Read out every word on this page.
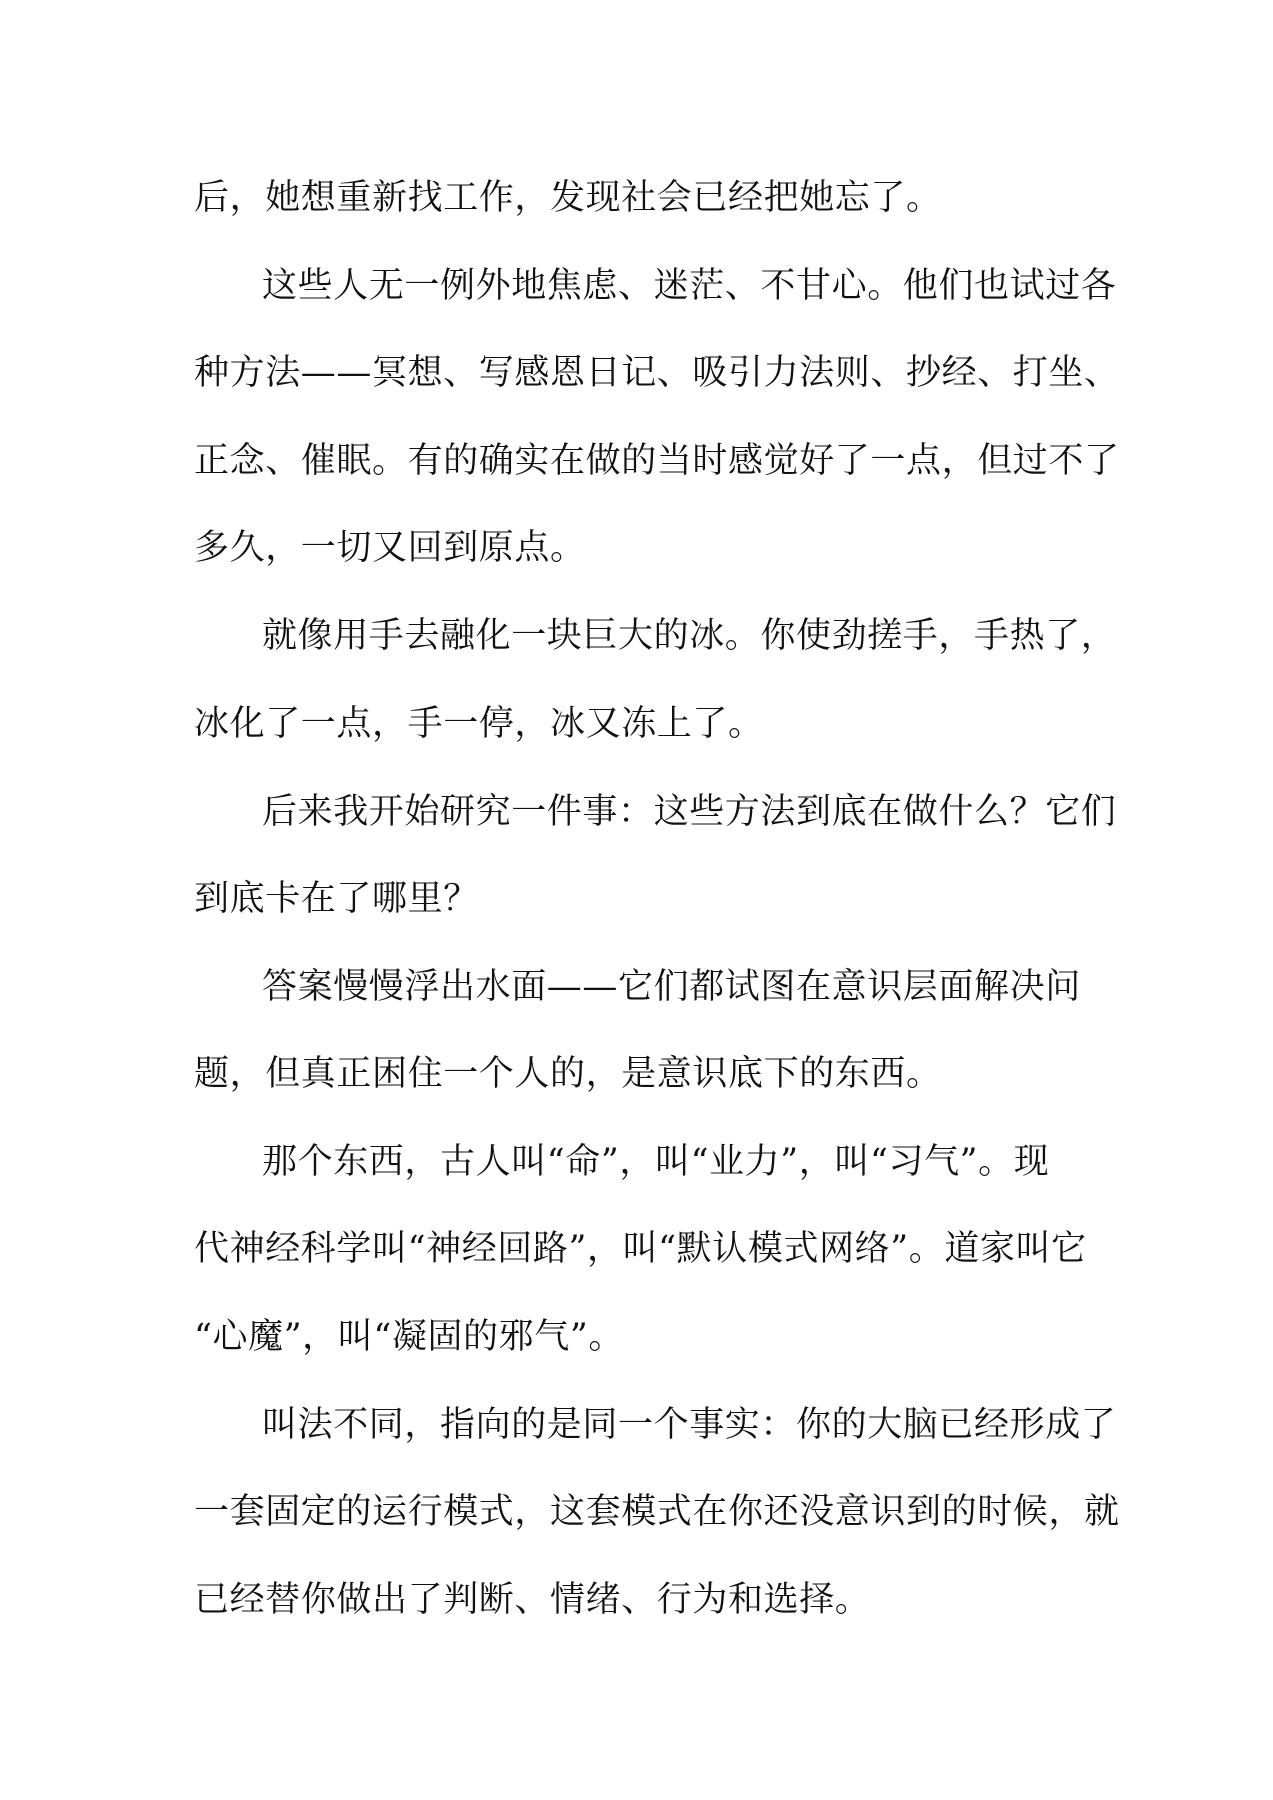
后，她想重新找工作，发现社会已经把她忘了。
这些人无一例外地焦虑、迷茫、不甘心。他们也试过各
种方法——冥想、写感恩日记、吸引力法则、抄经、打坐、
正念、催眠。有的确实在做的当时感觉好了一点，但过不了
多久，一切又回到原点。
就像用手去融化一块巨大的冰。你使劲搓手，手热了，
冰化了一点，手一停，冰又冻上了。
后来我开始研究一件事：这些方法到底在做什么？它们
到底卡在了哪里？
答案慢慢浮出水面——它们都试图在意识层面解决问
题，但真正困住一个人的，是意识底下的东西。
那个东西，古人叫“命”，叫“业力”，叫“习气”。现
代神经科学叫“神经回路”，叫“默认模式网络”。道家叫它
“心魔”，叫“凝固的邪气”。
叫法不同，指向的是同一个事实：你的大脑已经形成了
一套固定的运行模式，这套模式在你还没意识到的时候，就
已经替你做出了判断、情绪、行为和选择。
